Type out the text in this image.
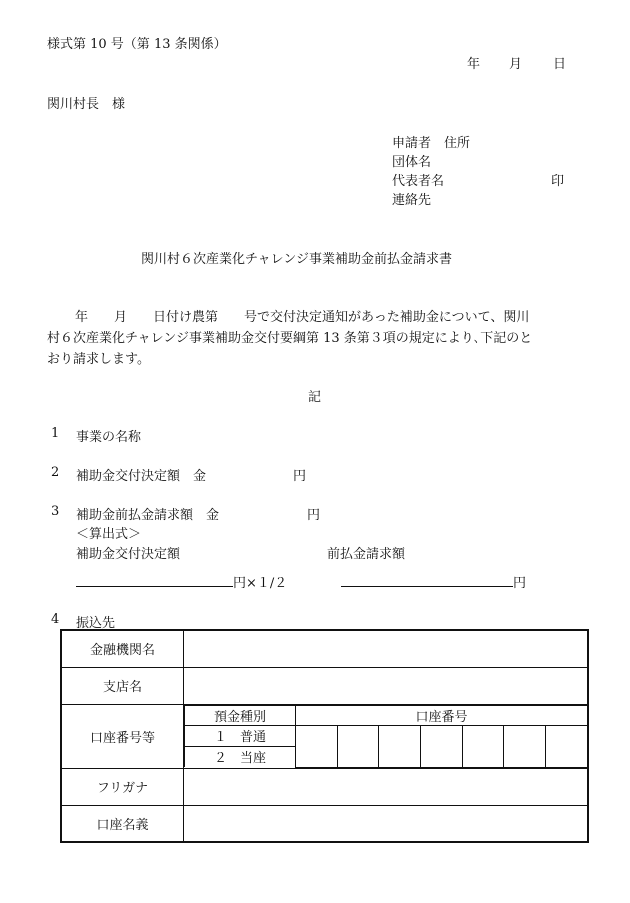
様式第 10 号（第 13 条関係）
年 月 日
関川村長　様
申請者　住所
団体名
代表者名	印
連絡先
関川村６次産業化チャレンジ事業補助金前払金請求書
年　　月　　日付け農第　　号で交付決定通知があった補助金について、関川
村６次産業化チャレンジ事業補助金交付要綱第 13 条第３項の規定により､下記のと
おり請求します。
記
1 事業の名称
2 補助金交付決定額　金	円
3 補助金前払金請求額　金	円
＜算出式＞
補助金交付決定額	前払金請求額
円×１/２	円
4 振込先
金融機関名	
支店名	
口座番号等	
預金種別	口座番号
１　普通							
２　当座

フリガナ	
口座名義	
